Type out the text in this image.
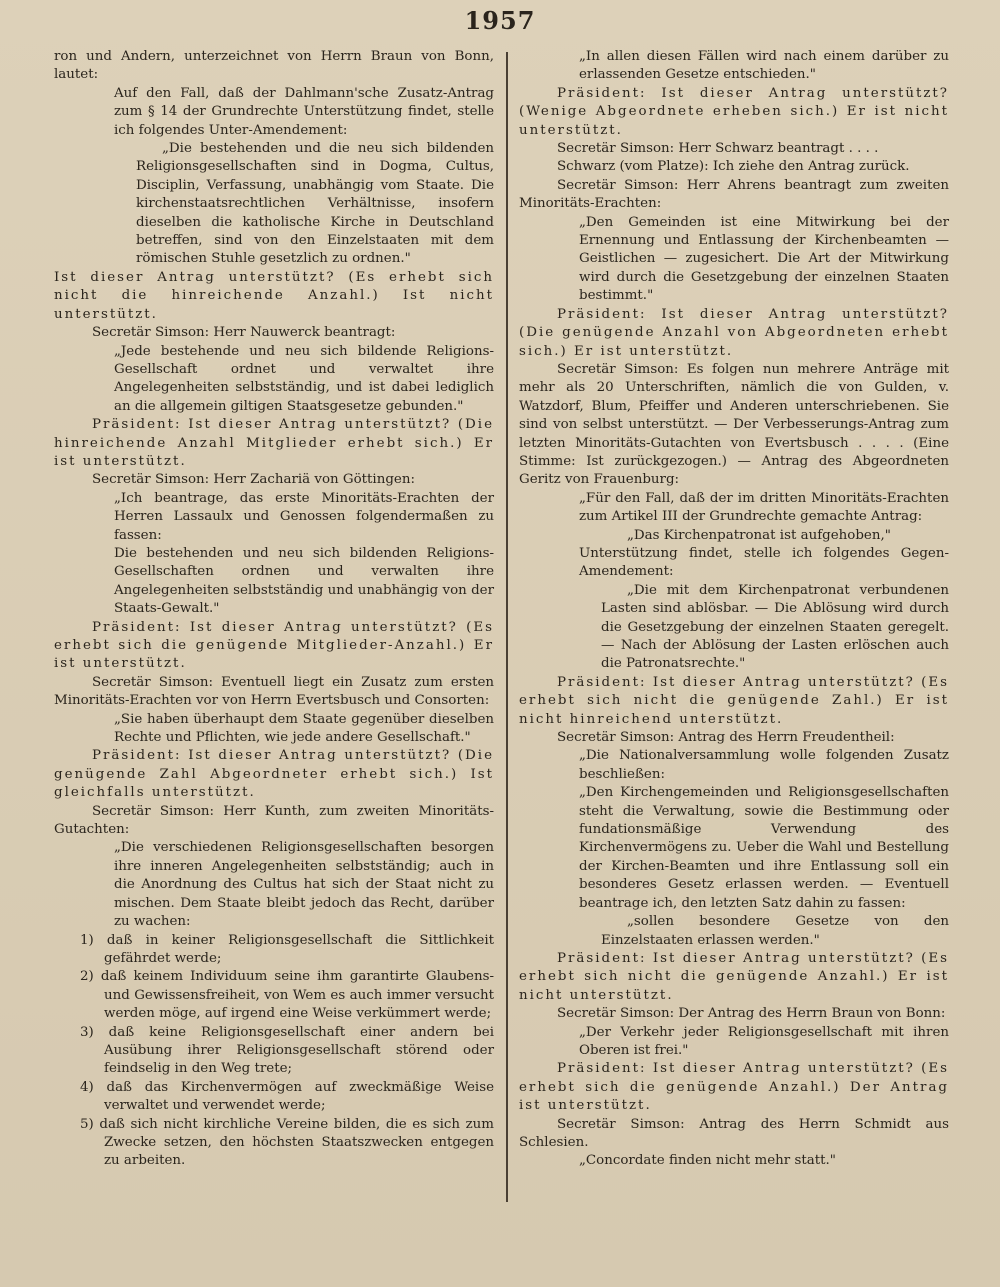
1957

ron und Andern, unterzeichnet von Herrn Braun von Bonn, lautet:

Auf den Fall, daß der Dahlmann'sche Zusatz-Antrag zum § 14 der Grundrechte Unterstützung findet, stelle ich folgendes Unter-Amendement:

„Die bestehenden und die neu sich bildenden Religionsgesellschaften sind in Dogma, Cultus, Disciplin, Verfassung, unabhängig vom Staate. Die kirchenstaatsrechtlichen Verhältnisse, insofern dieselben die katholische Kirche in Deutschland betreffen, sind von den Einzelstaaten mit dem römischen Stuhle gesetzlich zu ordnen."

Ist dieser Antrag unterstützt? (Es erhebt sich nicht die hinreichende Anzahl.) Ist nicht unterstützt.

Secretär Simson: Herr Nauwerck beantragt:

„Jede bestehende und neu sich bildende Religions-Gesellschaft ordnet und verwaltet ihre Angelegenheiten selbstständig, und ist dabei lediglich an die allgemein giltigen Staatsgesetze gebunden."

Präsident: Ist dieser Antrag unterstützt? (Die hinreichende Anzahl Mitglieder erhebt sich.) Er ist unterstützt.

Secretär Simson: Herr Zachariä von Göttingen:

„Ich beantrage, das erste Minoritäts-Erachten der Herren Lassaulx und Genossen folgendermaßen zu fassen:

Die bestehenden und neu sich bildenden Religions-Gesellschaften ordnen und verwalten ihre Angelegenheiten selbstständig und unabhängig von der Staats-Gewalt."

Präsident: Ist dieser Antrag unterstützt? (Es erhebt sich die genügende Mitglieder-Anzahl.) Er ist unterstützt.

Secretär Simson: Eventuell liegt ein Zusatz zum ersten Minoritäts-Erachten vor von Herrn Evertsbusch und Consorten:

„Sie haben überhaupt dem Staate gegenüber dieselben Rechte und Pflichten, wie jede andere Gesellschaft."

Präsident: Ist dieser Antrag unterstützt? (Die genügende Zahl Abgeordneter erhebt sich.) Ist gleichfalls unterstützt.

Secretär Simson: Herr Kunth, zum zweiten Minoritäts-Gutachten:

„Die verschiedenen Religionsgesellschaften besorgen ihre inneren Angelegenheiten selbstständig; auch in die Anordnung des Cultus hat sich der Staat nicht zu mischen. Dem Staate bleibt jedoch das Recht, darüber zu wachen:

1) daß in keiner Religionsgesellschaft die Sittlichkeit gefährdet werde;

2) daß keinem Individuum seine ihm garantirte Glaubens- und Gewissensfreiheit, von Wem es auch immer versucht werden möge, auf irgend eine Weise verkümmert werde;

3) daß keine Religionsgesellschaft einer andern bei Ausübung ihrer Religionsgesellschaft störend oder feindselig in den Weg trete;

4) daß das Kirchenvermögen auf zweckmäßige Weise verwaltet und verwendet werde;

5) daß sich nicht kirchliche Vereine bilden, die es sich zum Zwecke setzen, den höchsten Staatszwecken entgegen zu arbeiten.

„In allen diesen Fällen wird nach einem darüber zu erlassenden Gesetze entschieden."

Präsident: Ist dieser Antrag unterstützt? (Wenige Abgeordnete erheben sich.) Er ist nicht unterstützt.

Secretär Simson: Herr Schwarz beantragt . . . .

Schwarz (vom Platze): Ich ziehe den Antrag zurück.

Secretär Simson: Herr Ahrens beantragt zum zweiten Minoritäts-Erachten:

„Den Gemeinden ist eine Mitwirkung bei der Ernennung und Entlassung der Kirchenbeamten — Geistlichen — zugesichert. Die Art der Mitwirkung wird durch die Gesetzgebung der einzelnen Staaten bestimmt."

Präsident: Ist dieser Antrag unterstützt? (Die genügende Anzahl von Abgeordneten erhebt sich.) Er ist unterstützt.

Secretär Simson: Es folgen nun mehrere Anträge mit mehr als 20 Unterschriften, nämlich die von Gulden, v. Watzdorf, Blum, Pfeiffer und Anderen unterschriebenen. Sie sind von selbst unterstützt. — Der Verbesserungs-Antrag zum letzten Minoritäts-Gutachten von Evertsbusch . . . . (Eine Stimme: Ist zurückgezogen.) — Antrag des Abgeordneten Geritz von Frauenburg:

„Für den Fall, daß der im dritten Minoritäts-Erachten zum Artikel III der Grundrechte gemachte Antrag:

„Das Kirchenpatronat ist aufgehoben,"

Unterstützung findet, stelle ich folgendes Gegen-Amendement:

„Die mit dem Kirchenpatronat verbundenen Lasten sind ablösbar. — Die Ablösung wird durch die Gesetzgebung der einzelnen Staaten geregelt. — Nach der Ablösung der Lasten erlöschen auch die Patronatsrechte."

Präsident: Ist dieser Antrag unterstützt? (Es erhebt sich nicht die genügende Zahl.) Er ist nicht hinreichend unterstützt.

Secretär Simson: Antrag des Herrn Freudentheil:

„Die Nationalversammlung wolle folgenden Zusatz beschließen:

„Den Kirchengemeinden und Religionsgesellschaften steht die Verwaltung, sowie die Bestimmung oder fundationsmäßige Verwendung des Kirchenvermögens zu. Ueber die Wahl und Bestellung der Kirchen-Beamten und ihre Entlassung soll ein besonderes Gesetz erlassen werden. — Eventuell beantrage ich, den letzten Satz dahin zu fassen:

„sollen besondere Gesetze von den Einzelstaaten erlassen werden."

Präsident: Ist dieser Antrag unterstützt? (Es erhebt sich nicht die genügende Anzahl.) Er ist nicht unterstützt.

Secretär Simson: Der Antrag des Herrn Braun von Bonn:

„Der Verkehr jeder Religionsgesellschaft mit ihren Oberen ist frei."

Präsident: Ist dieser Antrag unterstützt? (Es erhebt sich die genügende Anzahl.) Der Antrag ist unterstützt.

Secretär Simson: Antrag des Herrn Schmidt aus Schlesien.

„Concordate finden nicht mehr statt."
